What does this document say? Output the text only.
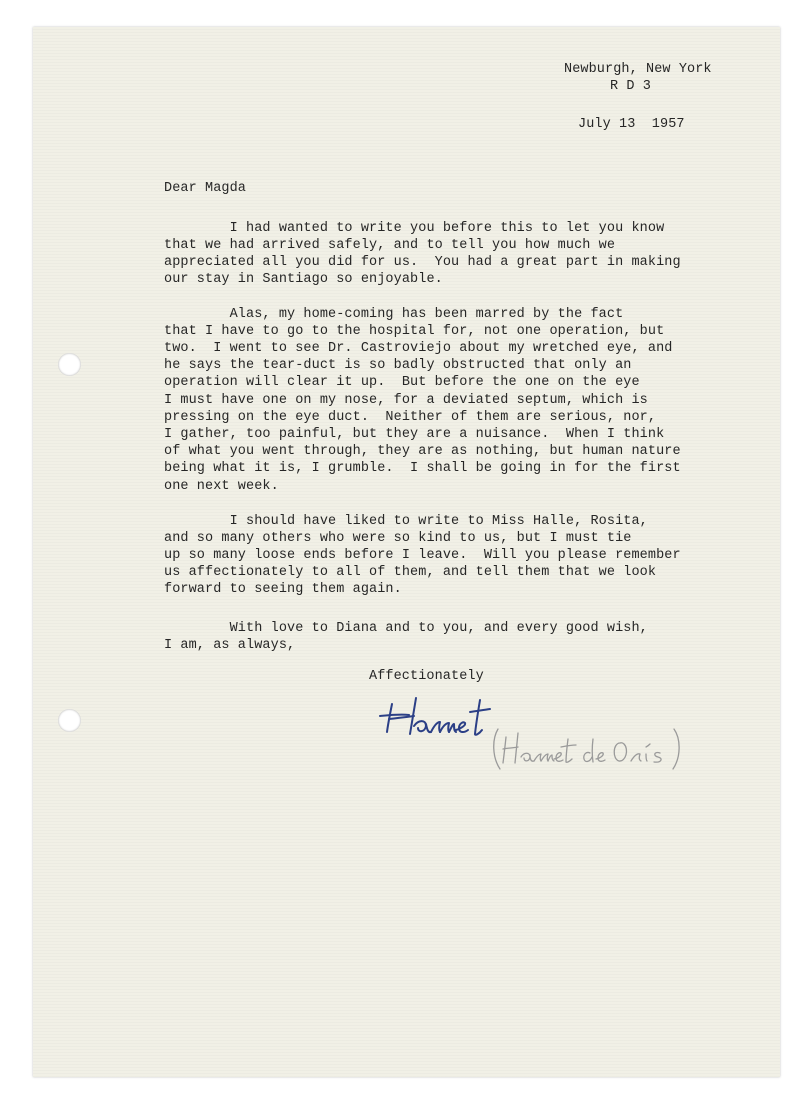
Newburgh, New York
R D 3
July 13  1957
Dear Magda
I had wanted to write you before this to let you know
that we had arrived safely, and to tell you how much we
appreciated all you did for us.  You had a great part in making
our stay in Santiago so enjoyable.
Alas, my home-coming has been marred by the fact
that I have to go to the hospital for, not one operation, but
two.  I went to see Dr. Castroviejo about my wretched eye, and
he says the tear-duct is so badly obstructed that only an
operation will clear it up.  But before the one on the eye
I must have one on my nose, for a deviated septum, which is
pressing on the eye duct.  Neither of them are serious, nor,
I gather, too painful, but they are a nuisance.  When I think
of what you went through, they are as nothing, but human nature
being what it is, I grumble.  I shall be going in for the first
one next week.
I should have liked to write to Miss Halle, Rosita,
and so many others who were so kind to us, but I must tie
up so many loose ends before I leave.  Will you please remember
us affectionately to all of them, and tell them that we look
forward to seeing them again.
With love to Diana and to you, and every good wish,
I am, as always,
Affectionately
